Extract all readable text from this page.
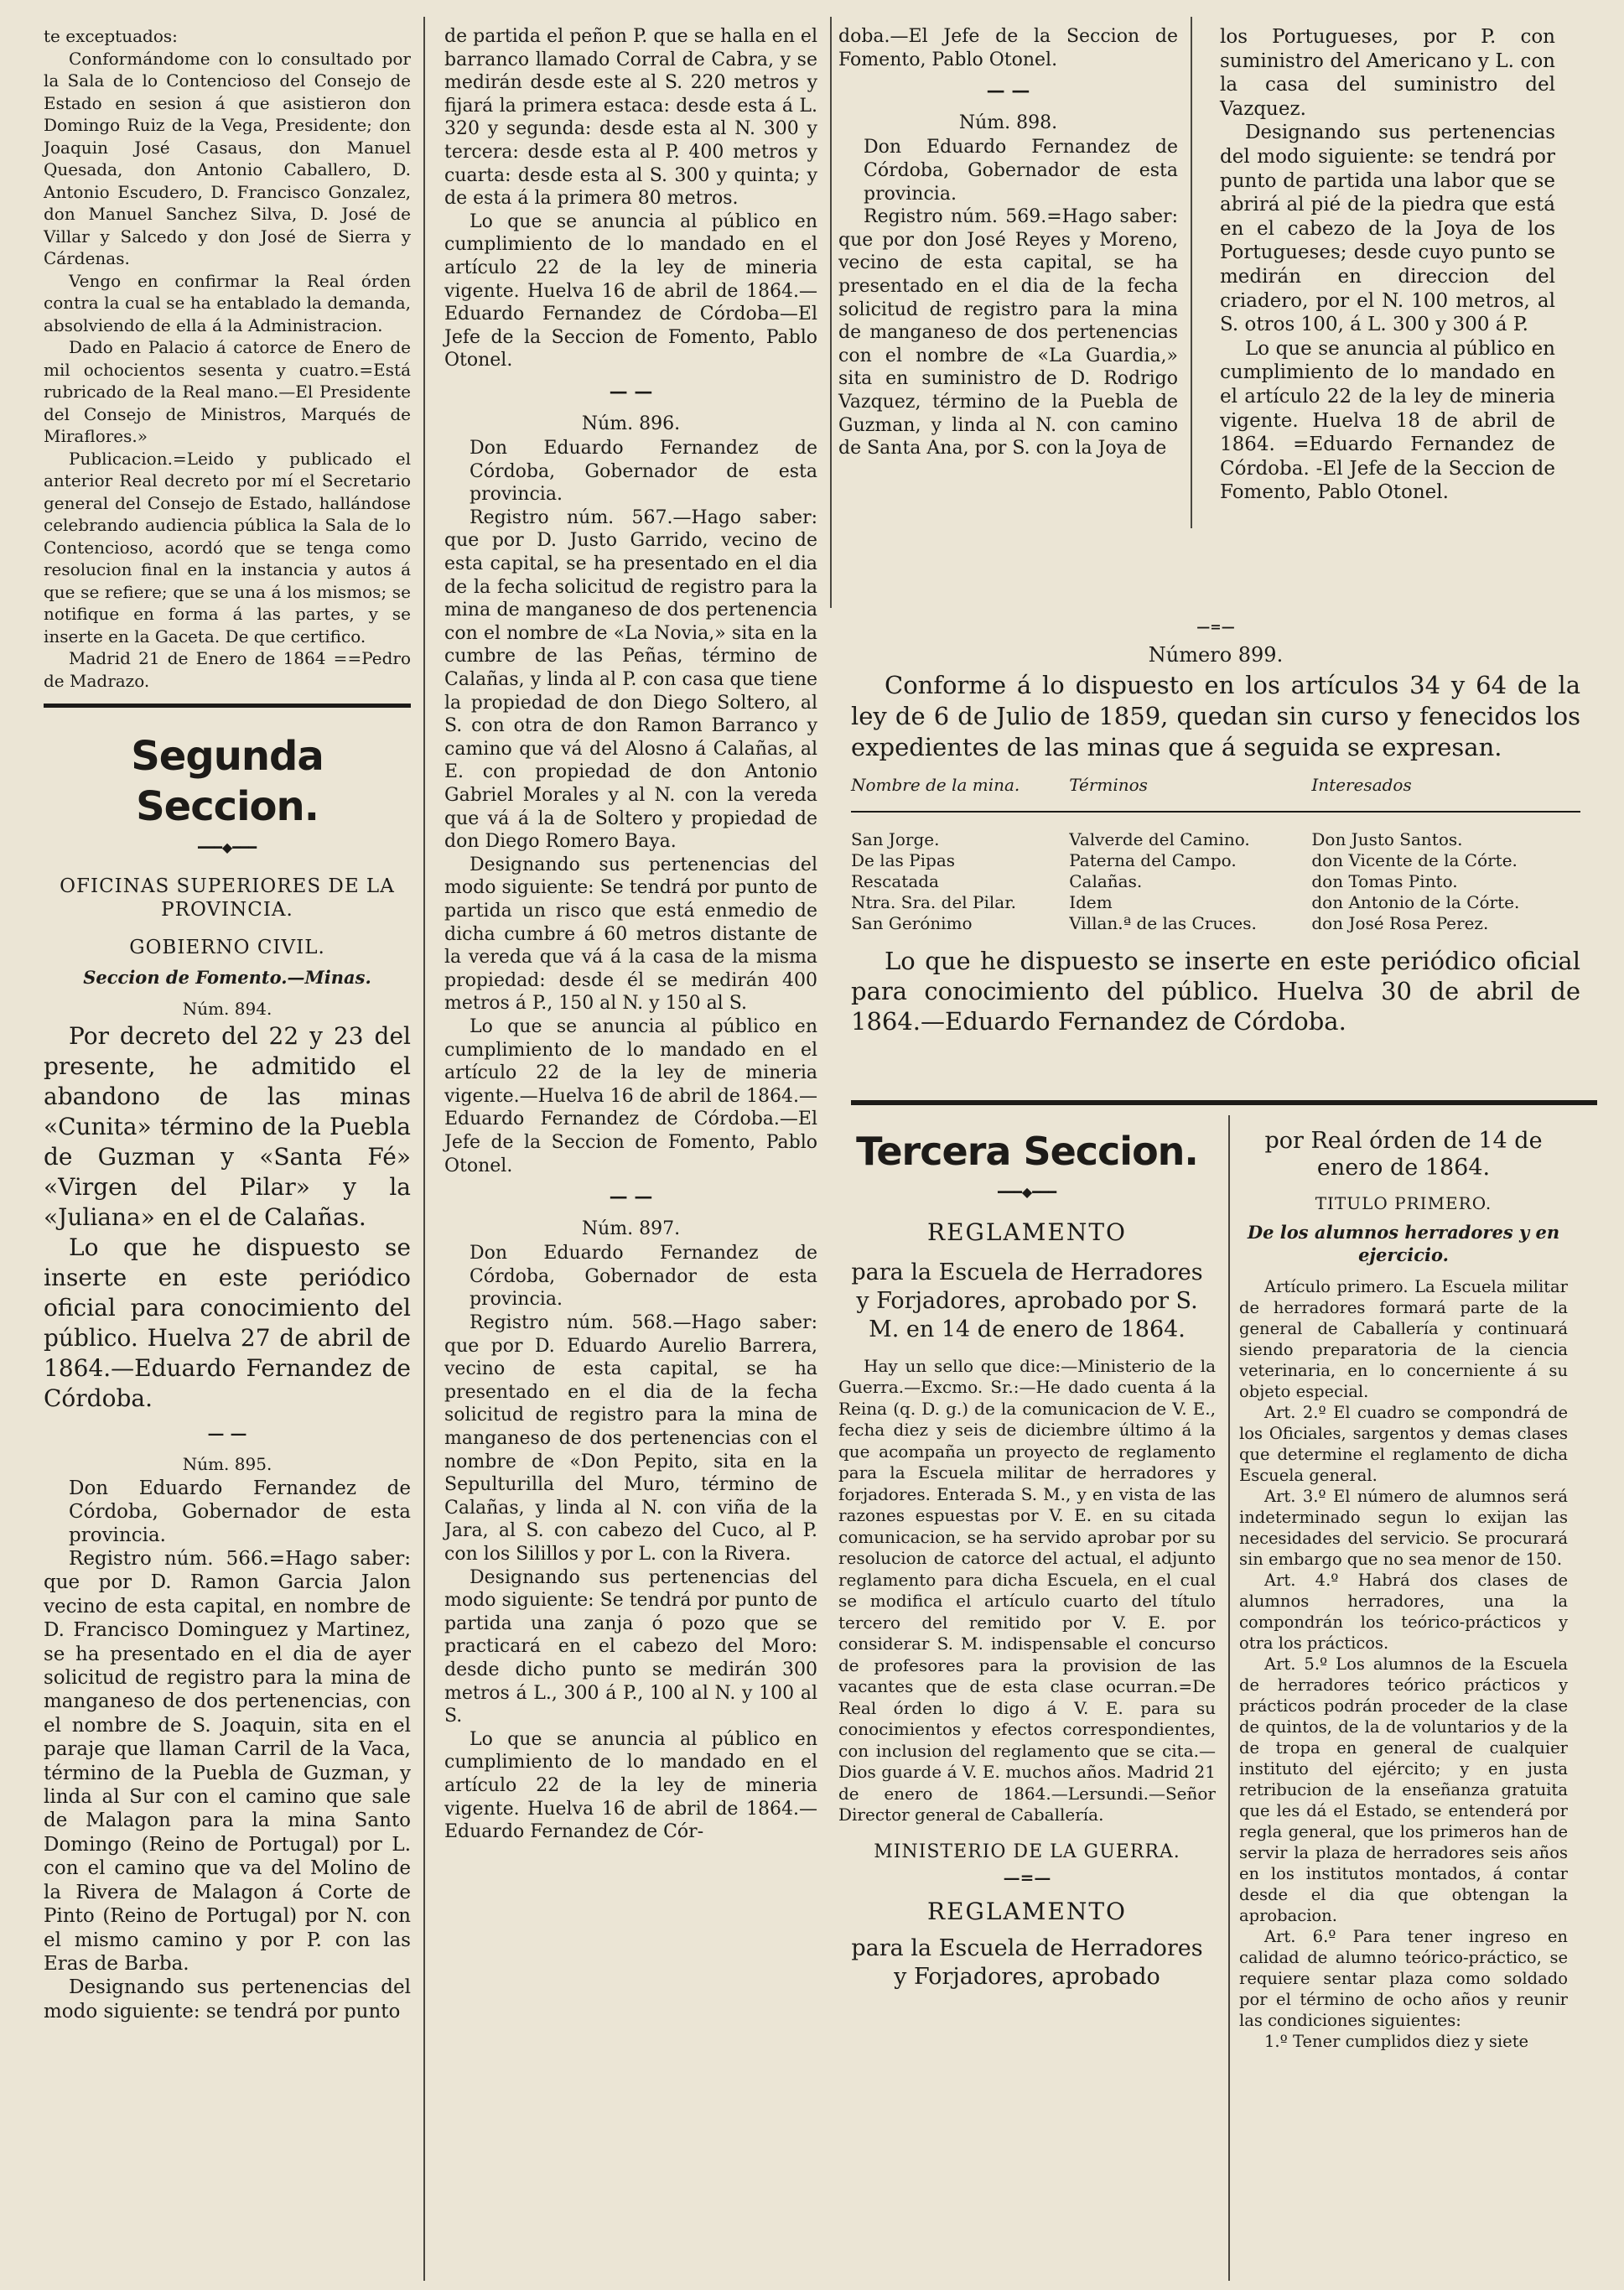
te exceptuados:

Conformándome con lo consultado por la Sala de lo Contencioso del Consejo de Estado en sesion á que asistieron don Domingo Ruiz de la Vega, Presidente; don Joaquin José Casaus, don Manuel Quesada, don Antonio Caballero, D. Antonio Escudero, D. Francisco Gonzalez, don Manuel Sanchez Silva, D. José de Villar y Salcedo y don José de Sierra y Cárdenas.

Vengo en confirmar la Real órden contra la cual se ha entablado la demanda, absolviendo de ella á la Administracion.

Dado en Palacio á catorce de Enero de mil ochocientos sesenta y cuatro.=Está rubricado de la Real mano.—El Presidente del Consejo de Ministros, Marqués de Miraflores.»

Publicacion.=Leido y publicado el anterior Real decreto por mí el Secretario general del Consejo de Estado, hallándose celebrando audiencia pública la Sala de lo Contencioso, acordó que se tenga como resolucion final en la instancia y autos á que se refiere; que se una á los mismos; se notifique en forma á las partes, y se inserte en la Gaceta. De que certifico.

Madrid 21 de Enero de 1864 ==Pedro de Madrazo.

Segunda Seccion.
━━━◆━━━

OFICINAS SUPERIORES DE LA PROVINCIA.

GOBIERNO CIVIL.

Seccion de Fomento.—Minas.

Núm. 894.

Por decreto del 22 y 23 del presente, he admitido el abandono de las minas «Cunita» término de la Puebla de Guzman y «Santa Fé» «Virgen del Pilar» y la «Juliana» en el de Calañas.

Lo que he dispuesto se inserte en este periódico oficial para conocimiento del público. Huelva 27 de abril de 1864.—Eduardo Fernandez de Córdoba.

— —

Núm. 895.

Don Eduardo Fernandez de Córdoba, Gobernador de esta provincia.

Registro núm. 566.=Hago saber: que por D. Ramon Garcia Jalon vecino de esta capital, en nombre de D. Francisco Dominguez y Martinez, se ha presentado en el dia de ayer solicitud de registro para la mina de manganeso de dos pertenencias, con el nombre de S. Joaquin, sita en el paraje que llaman Carril de la Vaca, término de la Puebla de Guzman, y linda al Sur con el camino que sale de Malagon para la mina Santo Domingo (Reino de Portugal) por L. con el camino que va del Molino de la Rivera de Malagon á Corte de Pinto (Reino de Portugal) por N. con el mismo camino y por P. con las Eras de Barba.

Designando sus pertenencias del modo siguiente: se tendrá por punto

de partida el peñon P. que se halla en el barranco llamado Corral de Cabra, y se medirán desde este al S. 220 metros y fijará la primera estaca: desde esta á L. 320 y segunda: desde esta al N. 300 y tercera: desde esta al P. 400 metros y cuarta: desde esta al S. 300 y quinta; y de esta á la primera 80 metros.

Lo que se anuncia al público en cumplimiento de lo mandado en el artículo 22 de la ley de mineria vigente. Huelva 16 de abril de 1864.—Eduardo Fernandez de Córdoba—El Jefe de la Seccion de Fomento, Pablo Otonel.

— —

Núm. 896.

Don Eduardo Fernandez de Córdoba, Gobernador de esta provincia.

Registro núm. 567.—Hago saber: que por D. Justo Garrido, vecino de esta capital, se ha presentado en el dia de la fecha solicitud de registro para la mina de manganeso de dos pertenencia con el nombre de «La Novia,» sita en la cumbre de las Peñas, término de Calañas, y linda al P. con casa que tiene la propiedad de don Diego Soltero, al S. con otra de don Ramon Barranco y camino que vá del Alosno á Calañas, al E. con propiedad de don Antonio Gabriel Morales y al N. con la vereda que vá á la de Soltero y propiedad de don Diego Romero Baya.

Designando sus pertenencias del modo siguiente: Se tendrá por punto de partida un risco que está enmedio de dicha cumbre á 60 metros distante de la vereda que vá á la casa de la misma propiedad: desde él se medirán 400 metros á P., 150 al N. y 150 al S.

Lo que se anuncia al público en cumplimiento de lo mandado en el artículo 22 de la ley de mineria vigente.—Huelva 16 de abril de 1864.—Eduardo Fernandez de Córdoba.—El Jefe de la Seccion de Fomento, Pablo Otonel.

— —

Núm. 897.

Don Eduardo Fernandez de Córdoba, Gobernador de esta provincia.

Registro núm. 568.—Hago saber: que por D. Eduardo Aurelio Barrera, vecino de esta capital, se ha presentado en el dia de la fecha solicitud de registro para la mina de manganeso de dos pertenencias con el nombre de «Don Pepito, sita en la Sepulturilla del Muro, término de Calañas, y linda al N. con viña de la Jara, al S. con cabezo del Cuco, al P. con los Silillos y por L. con la Rivera.

Designando sus pertenencias del modo siguiente: Se tendrá por punto de partida una zanja ó pozo que se practicará en el cabezo del Moro: desde dicho punto se medirán 300 metros á L., 300 á P., 100 al N. y 100 al S.

Lo que se anuncia al público en cumplimiento de lo mandado en el artículo 22 de la ley de mineria vigente. Huelva 16 de abril de 1864.—Eduardo Fernandez de Cór-

doba.—El Jefe de la Seccion de Fomento, Pablo Otonel.

— —

Núm. 898.

Don Eduardo Fernandez de Córdoba, Gobernador de esta provincia.

Registro núm. 569.=Hago saber: que por don José Reyes y Moreno, vecino de esta capital, se ha presentado en el dia de la fecha solicitud de registro para la mina de manganeso de dos pertenencias con el nombre de «La Guardia,» sita en suministro de D. Rodrigo Vazquez, término de la Puebla de Guzman, y linda al N. con camino de Santa Ana, por S. con la Joya de

los Portugueses, por P. con suministro del Americano y L. con la casa del suministro del Vazquez.

Designando sus pertenencias del modo siguiente: se tendrá por punto de partida una labor que se abrirá al pié de la piedra que está en el cabezo de la Joya de los Portugueses; desde cuyo punto se medirán en direccion del criadero, por el N. 100 metros, al S. otros 100, á L. 300 y 300 á P.

Lo que se anuncia al público en cumplimiento de lo mandado en el artículo 22 de la ley de mineria vigente. Huelva 18 de abril de 1864. =Eduardo Fernandez de Córdoba. -El Jefe de la Seccion de Fomento, Pablo Otonel.

—=—

Número 899.

Conforme á lo dispuesto en los artículos 34 y 64 de la ley de 6 de Julio de 1859, quedan sin curso y fenecidos los expedientes de las minas que á seguida se expresan.

Nombre de la mina.	Términos	Interesados
San Jorge.	Valverde del Camino.	Don Justo Santos.
De las Pipas	Paterna del Campo.	don Vicente de la Córte.
Rescatada	Calañas.	don Tomas Pinto.
Ntra. Sra. del Pilar.	Idem	don Antonio de la Córte.
San Gerónimo	Villan.ª de las Cruces.	don José Rosa Perez.

Lo que he dispuesto se inserte en este periódico oficial para conocimiento del público. Huelva 30 de abril de 1864.—Eduardo Fernandez de Córdoba.

Tercera Seccion.
━━━◆━━━

REGLAMENTO

para la Escuela de Herradores y Forjadores, aprobado por S. M. en 14 de enero de 1864.

Hay un sello que dice:—Ministerio de la Guerra.—Excmo. Sr.:—He dado cuenta á la Reina (q. D. g.) de la comunicacion de V. E., fecha diez y seis de diciembre último á la que acompaña un proyecto de reglamento para la Escuela militar de herradores y forjadores. Enterada S. M., y en vista de las razones espuestas por V. E. en su citada comunicacion, se ha servido aprobar por su resolucion de catorce del actual, el adjunto reglamento para dicha Escuela, en el cual se modifica el artículo cuarto del título tercero del remitido por V. E. por considerar S. M. indispensable el concurso de profesores para la provision de las vacantes que de esta clase ocurran.=De Real órden lo digo á V. E. para su conocimientos y efectos correspondientes, con inclusion del reglamento que se cita.—Dios guarde á V. E. muchos años. Madrid 21 de enero de 1864.—Lersundi.—Señor Director general de Caballería.

MINISTERIO DE LA GUERRA.

—=—

REGLAMENTO

para la Escuela de Herradores y Forjadores, aprobado

por Real órden de 14 de enero de 1864.

TITULO PRIMERO.

De los alumnos herradores y en ejercicio.

Artículo primero. La Escuela militar de herradores formará parte de la general de Caballería y continuará siendo preparatoria de la ciencia veterinaria, en lo concerniente á su objeto especial.

Art. 2.º El cuadro se compondrá de los Oficiales, sargentos y demas clases que determine el reglamento de dicha Escuela general.

Art. 3.º El número de alumnos será indeterminado segun lo exijan las necesidades del servicio. Se procurará sin embargo que no sea menor de 150.

Art. 4.º Habrá dos clases de alumnos herradores, una la compondrán los teórico-prácticos y otra los prácticos.

Art. 5.º Los alumnos de la Escuela de herradores teórico prácticos y prácticos podrán proceder de la clase de quintos, de la de voluntarios y de la de tropa en general de cualquier instituto del ejército; y en justa retribucion de la enseñanza gratuita que les dá el Estado, se entenderá por regla general, que los primeros han de servir la plaza de herradores seis años en los institutos montados, á contar desde el dia que obtengan la aprobacion.

Art. 6.º Para tener ingreso en calidad de alumno teórico-práctico, se requiere sentar plaza como soldado por el término de ocho años y reunir las condiciones siguientes:

1.º Tener cumplidos diez y siete
